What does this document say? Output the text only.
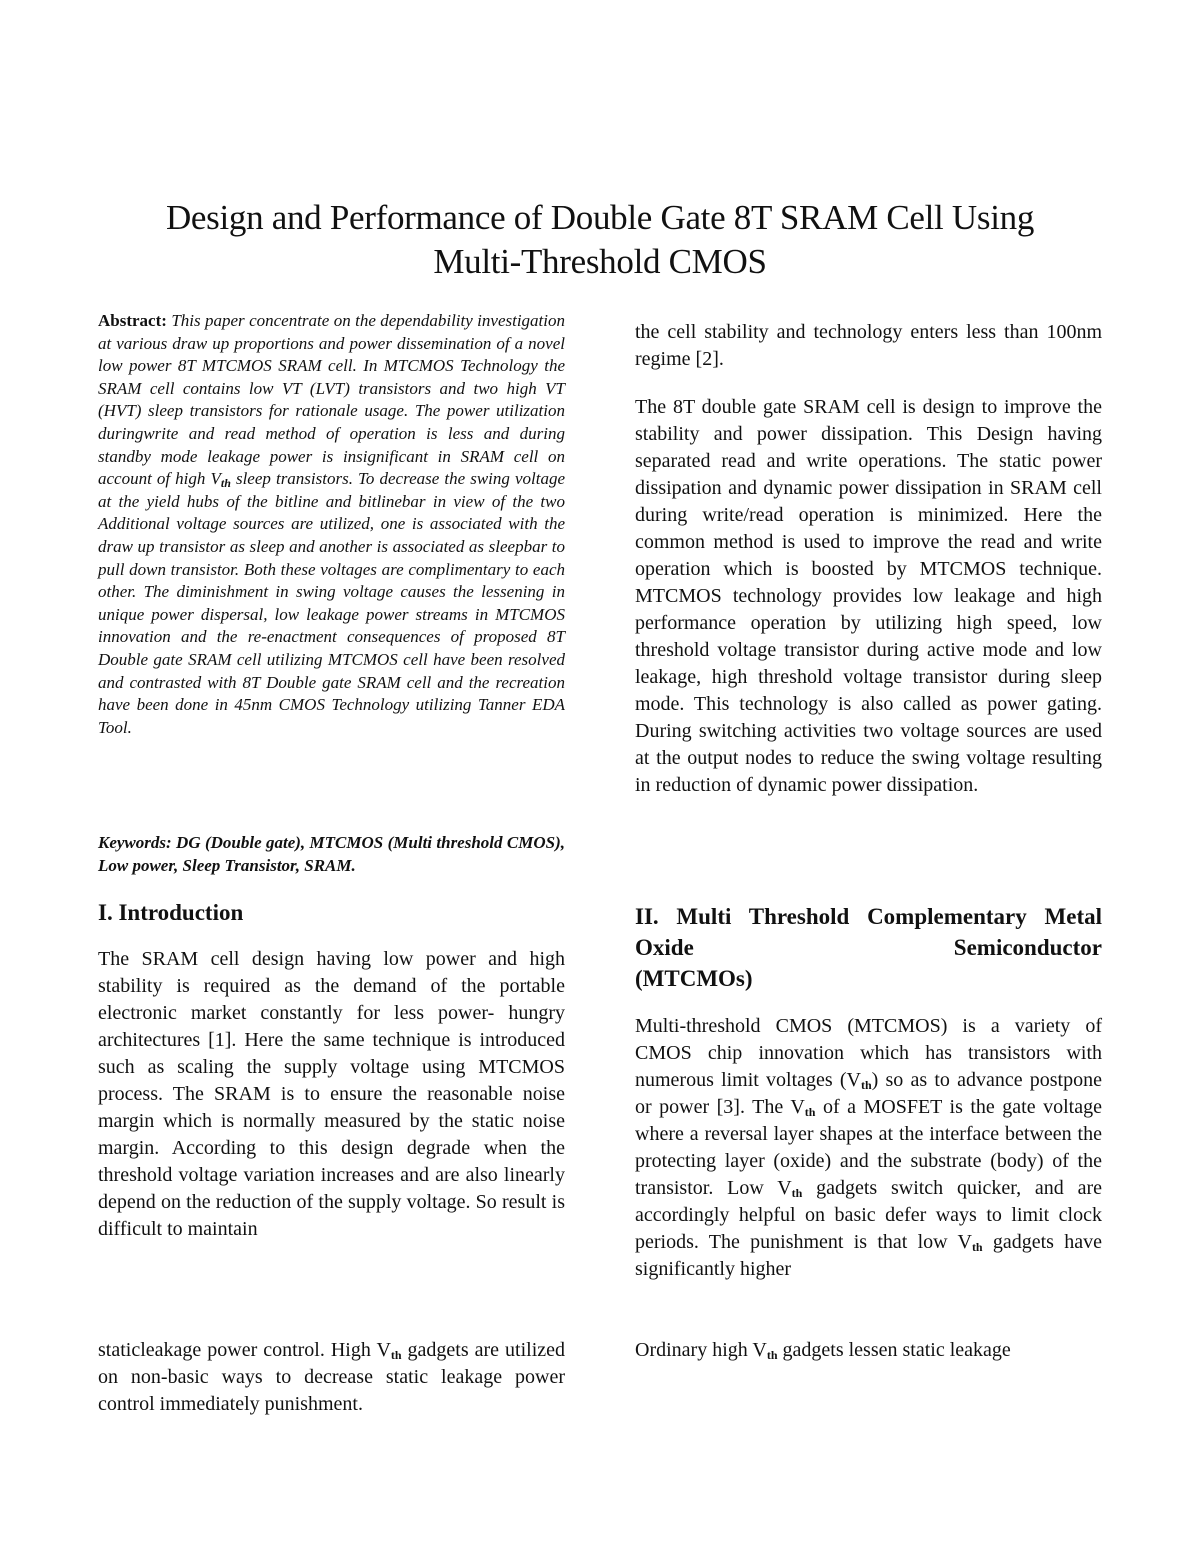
Design and Performance of Double Gate 8T SRAM Cell Using
Multi-Threshold CMOS

Abstract: This paper concentrate on the dependability investigation at various draw up proportions and power dissemination of a novel low power 8T MTCMOS SRAM cell. In MTCMOS Technology the SRAM cell contains low VT (LVT) transistors and two high VT (HVT) sleep transistors for rationale usage. The power utilization duringwrite and read method of operation is less and during standby mode leakage power is insignificant in SRAM cell on account of high $V_{th}$ sleep transistors. To decrease the swing voltage at the yield hubs of the bitline and bitlinebar in view of the two Additional voltage sources are utilized, one is associated with the draw up transistor as sleep and another is associated as sleepbar to pull down transistor. Both these voltages are complimentary to each other. The diminishment in swing voltage causes the lessening in unique power dispersal, low leakage power streams in MTCMOS innovation and the re-enactment consequences of proposed 8T Double gate SRAM cell utilizing MTCMOS cell have been resolved and contrasted with 8T Double gate SRAM cell and the recreation have been done in 45nm CMOS Technology utilizing Tanner EDA Tool.

Keywords: DG (Double gate), MTCMOS (Multi threshold CMOS), Low power, Sleep Transistor, SRAM.
I. Introduction
The SRAM cell design having low power and high stability is required as the demand of the portable electronic market constantly for less power- hungry architectures [1]. Here the same technique is introduced such as scaling the supply voltage using MTCMOS process. The SRAM is to ensure the reasonable noise margin which is normally measured by the static noise margin. According to this design degrade when the threshold voltage variation increases and are also linearly depend on the reduction of the supply voltage. So result is difficult to maintain
staticleakage power control. High $V_{th}$ gadgets are utilized on non-basic ways to decrease static leakage power control immediately punishment.
the cell stability and technology enters less than 100nm regime [2].
The 8T double gate SRAM cell is design to improve the stability and power dissipation. This Design having separated read and write operations. The static power dissipation and dynamic power dissipation in SRAM cell during write/read operation is minimized. Here the common method is used to improve the read and write operation which is boosted by MTCMOS technique. MTCMOS technology provides low leakage and high performance operation by utilizing high speed, low threshold voltage transistor during active mode and low leakage, high threshold voltage transistor during sleep mode. This technology is also called as power gating. During switching activities two voltage sources are used at the output nodes to reduce the swing voltage resulting in reduction of dynamic power dissipation.
II. Multi Threshold Complementary Metal Oxide Semiconductor
(MTCMOs)
Multi-threshold CMOS (MTCMOS) is a variety of CMOS chip innovation which has transistors with numerous limit voltages $(V_{th})$ so as to advance postpone or power [3]. The $V_{th}$ of a MOSFET is the gate voltage where a reversal layer shapes at the interface between the protecting layer (oxide) and the substrate (body) of the transistor. Low $V_{th}$ gadgets switch quicker, and are accordingly helpful on basic defer ways to limit clock periods. The punishment is that low $V_{th}$ gadgets have significantly higher
Ordinary high $V_{th}$ gadgets lessen static leakage
